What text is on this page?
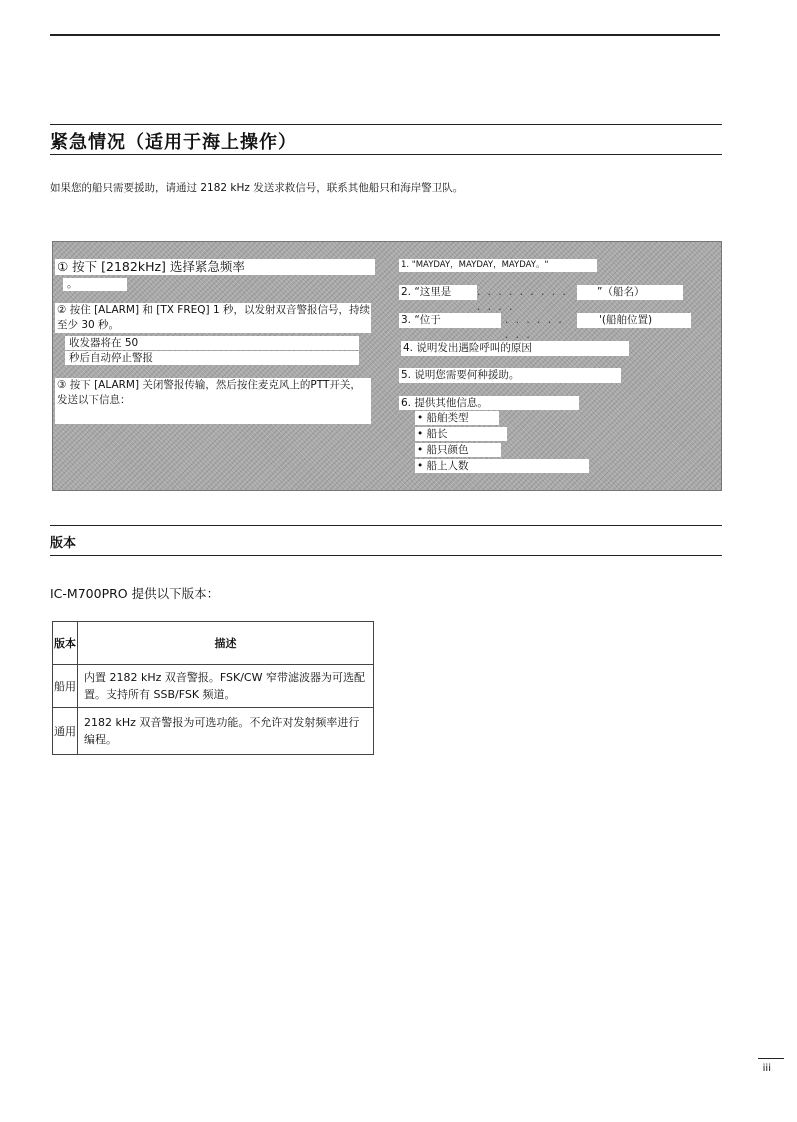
紧急情况（适用于海上操作）
如果您的船只需要援助，请通过 2182 kHz 发送求救信号，联系其他船只和海岸警卫队。
① 按下 [2182kHz] 选择紧急频率
。
② 按住 [ALARM] 和 [TX FREQ] 1 秒，以发射双音警报信号，持续至少 30 秒。
收发器将在 50
秒后自动停止警报
③ 按下 [ALARM] 关闭警报传输，然后按住麦克风上的PTT开关，发送以下信息：
1. "MAYDAY，MAYDAY，MAYDAY。"
2. “这里是	. . . . . . . . . . . . .
”（船名）
3. “位于	. . . . . . . . .
'(船舶位置)
4. 说明发出遇险呼叫的原因
5. 说明您需要何种援助。
6. 提供其他信息。
• 船舶类型
• 船长
• 船只颜色
• 船上人数
版本
IC-M700PRO 提供以下版本：
版本	描述
船用	内置 2182 kHz 双音警报。FSK/CW 窄带滤波器为可选配置。支持所有 SSB/FSK 频道。
通用	2182 kHz 双音警报为可选功能。不允许对发射频率进行编程。
iii
